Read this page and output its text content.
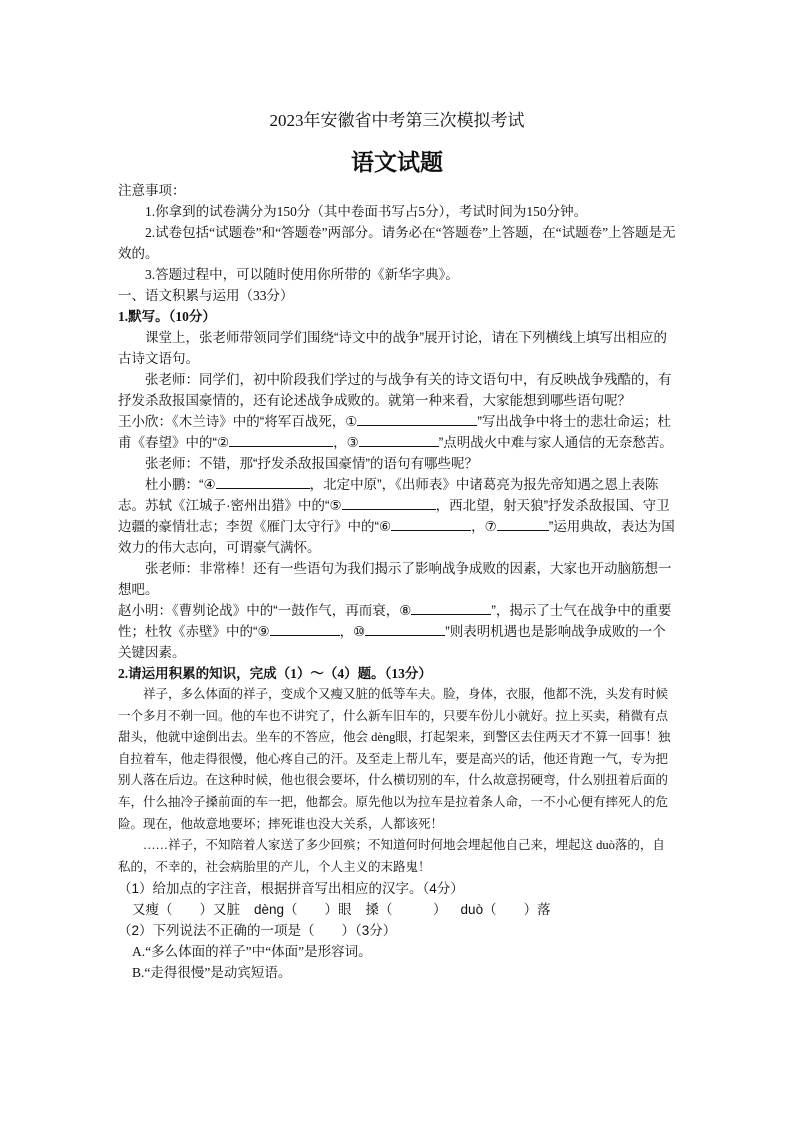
2023年安徽省中考第三次模拟考试
语文试题

注意事项：

1.你拿到的试卷满分为150分（其中卷面书写占5分），考试时间为150分钟。

2.试卷包括“试题卷”和“答题卷”两部分。请务必在“答题卷”上答题，在“试题卷”上答题是无效的。

3.答题过程中，可以随时使用你所带的《新华字典》。

一、语文积累与运用（33分）

1.默写。（10分）

课堂上，张老师带领同学们围绕“诗文中的战争”展开讨论，请在下列横线上填写出相应的古诗文语句。

张老师：同学们，初中阶段我们学过的与战争有关的诗文语句中，有反映战争残酷的，有抒发杀敌报国豪情的，还有论述战争成败的。就第一种来看，大家能想到哪些语句呢？

王小欣：《木兰诗》中的“将军百战死，①	”写出战争中将士的悲壮命运；杜甫《春望》中的“②	，③	”点明战火中难与家人通信的无奈愁苦。

张老师：不错，那“抒发杀敌报国豪情”的语句有哪些呢？

杜小鹏：“④	，北定中原”，《出师表》中诸葛亮为报先帝知遇之恩上表陈志。苏轼《江城子·密州出猎》中的“⑤	，西北望，射天狼”抒发杀敌报国、守卫边疆的豪情壮志；李贺《雁门太守行》中的“⑥	，⑦	”运用典故，表达为国效力的伟大志向，可谓豪气满怀。

张老师：非常棒！还有一些语句为我们揭示了影响战争成败的因素，大家也开动脑筋想一想吧。

赵小明：《曹刿论战》中的“一鼓作气，再而衰，⑧	”，揭示了士气在战争中的重要性；杜牧《赤壁》中的“⑨	，⑩	”则表明机遇也是影响战争成败的一个关键因素。

2.请运用积累的知识，完成（1）～（4）题。（13分）

祥子，多么体面的祥子，变成个又瘦又脏的低等车夫。脸，身体，衣服，他都不洗，头发有时候一个多月不剃一回。他的车也不讲究了，什么新车旧车的，只要车份儿小就好。拉上买卖，稍微有点甜头，他就中途倒出去。坐车的不答应，他会 dèng眼，打起架来，到警区去住两天才不算一回事！独自拉着车，他走得很慢，他心疼自己的汗。及至走上帮儿车，要是高兴的话，他还肯跑一气，专为把别人落在后边。在这种时候，他也很会要坏，什么横切别的车，什么故意拐硬弯，什么别扭着后面的车，什么抽冷子搡前面的车一把，他都会。原先他以为拉车是拉着条人命，一不小心便有摔死人的危险。现在，他故意地要坏；摔死谁也没大关系，人都该死！

……祥子，不知陪着人家送了多少回殡；不知道何时何地会埋起他自己来，埋起这 duò落的，自私的，不幸的，社会病胎里的产儿，个人主义的末路鬼！

（1）给加点的字注音，根据拼音写出相应的汉字。（4分）

又瘦（　　）又脏 dèng（　　）眼 搡（　　　） duò（　　）落

（2）下列说法不正确的一项是（　　）（3分）

A.“多么体面的祥子”中“体面”是形容词。

B.“走得很慢”是动宾短语。
